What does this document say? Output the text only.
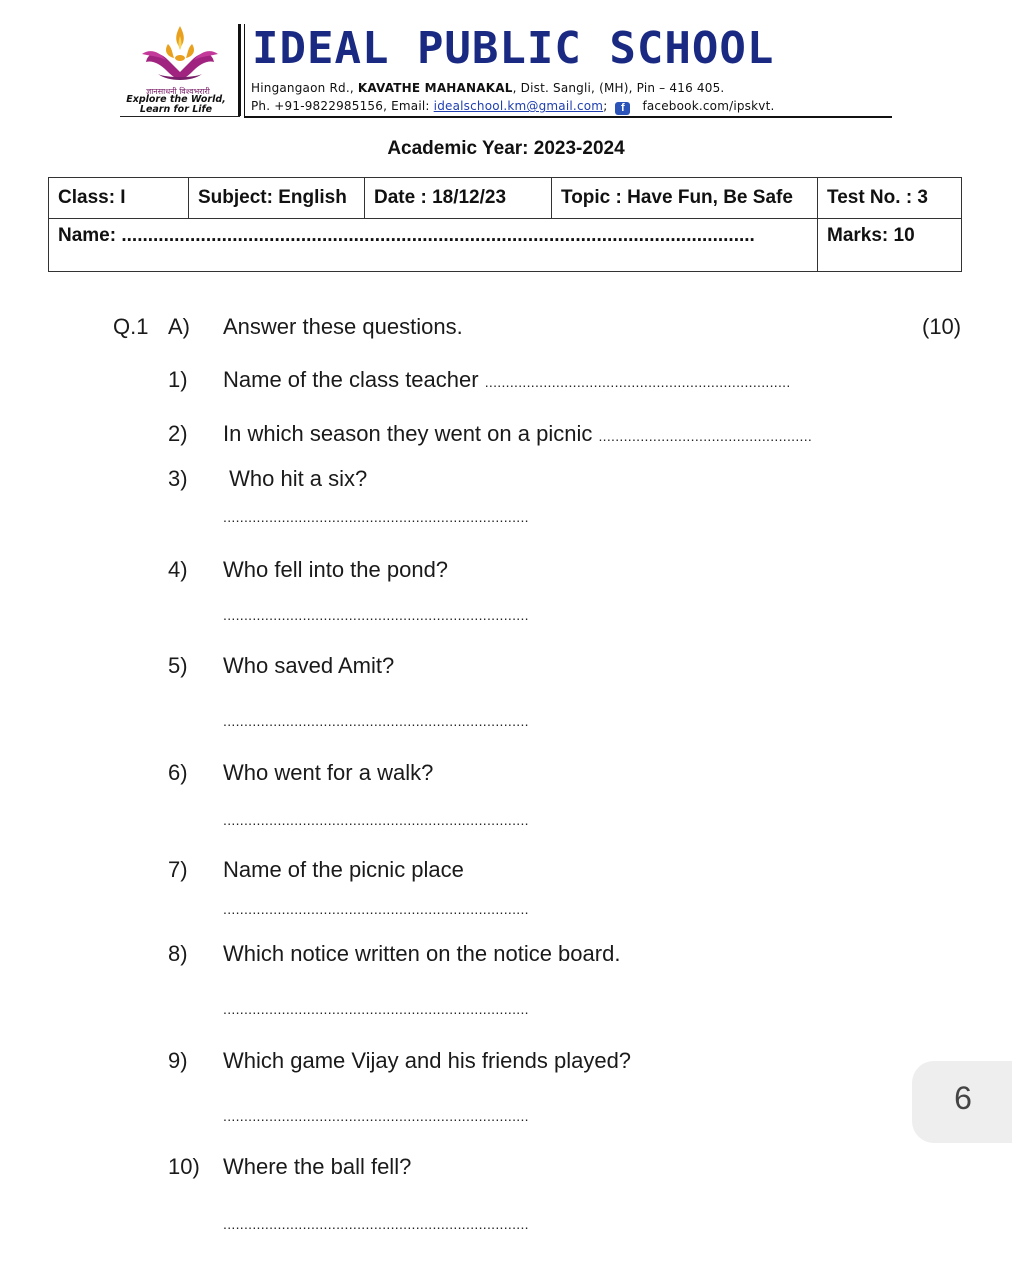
ज्ञानसाधनी विश्वभरारी
Explore the World,
Learn for Life
IDEAL PUBLIC SCHOOL
Hingangaon Rd., KAVATHE MAHANAKAL, Dist. Sangli, (MH), Pin – 416 405.
Ph. +91-9822985156, Email: idealschool.km@gmail.com; f facebook.com/ipskvt.
Academic Year: 2023-2024
Class: I	Subject: English	Date : 18/12/23	Topic : Have Fun, Be Safe	Test No. : 3
Name: ........................................................................................................................				Marks: 10
Q.1 A) Answer these questions.	(10)
1) Name of the class teacher .........................................................................
2) In which season they went on a picnic ...................................................
3) Who hit a six?
.........................................................................
4) Who fell into the pond?
.........................................................................
5) Who saved Amit?
.........................................................................
6) Who went for a walk?
.........................................................................
7) Name of the picnic place
.........................................................................
8) Which notice written on the notice board.
.........................................................................
9) Which game Vijay and his friends played?
.........................................................................
10) Where the ball fell?
.........................................................................
6
